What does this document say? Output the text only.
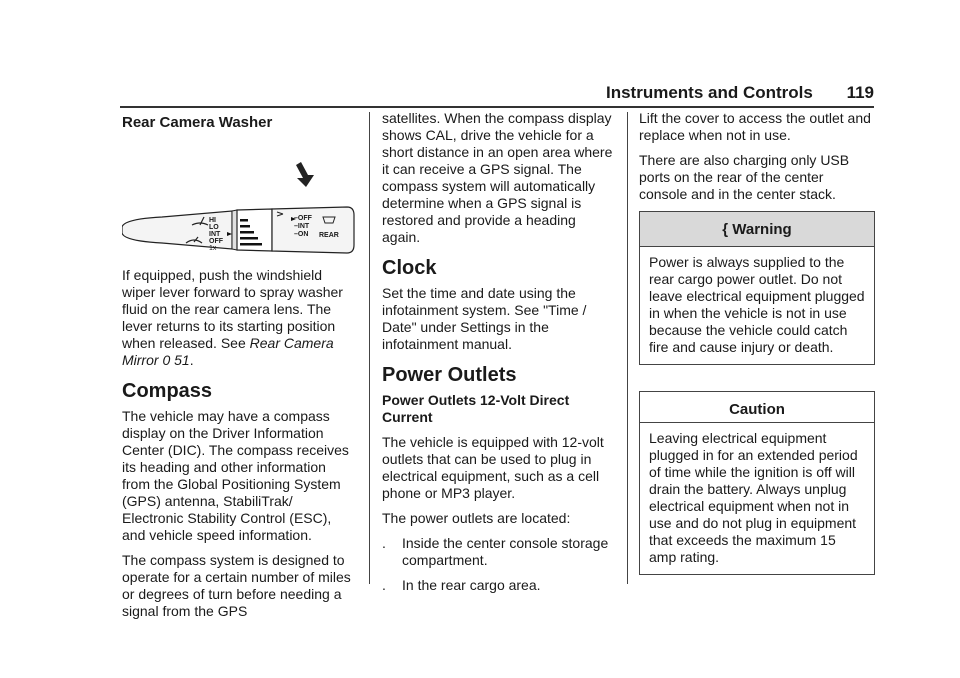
Instruments and Controls 119
Rear Camera Washer
HI
LO
INT
OFF
1x
–OFF
–INT
–ON	REAR

If equipped, push the windshield wiper lever forward to spray washer fluid on the rear camera lens. The lever returns to its starting position when released. See Rear Camera Mirror 0 51.

Compass

The vehicle may have a compass display on the Driver Information Center (DIC). The compass receives its heading and other information from the Global Positioning System (GPS) antenna, StabiliTrak/ Electronic Stability Control (ESC), and vehicle speed information.

The compass system is designed to operate for a certain number of miles or degrees of turn before needing a signal from the GPS

satellites. When the compass display shows CAL, drive the vehicle for a short distance in an open area where it can receive a GPS signal. The compass system will automatically determine when a GPS signal is restored and provide a heading again.

Clock

Set the time and date using the infotainment system. See "Time / Date" under Settings in the infotainment manual.

Power Outlets
Power Outlets 12-Volt Direct Current

The vehicle is equipped with 12-volt outlets that can be used to plug in electrical equipment, such as a cell phone or MP3 player.

The power outlets are located:

.	Inside the center console storage compartment.
.	In the rear cargo area.

Lift the cover to access the outlet and replace when not in use.

There are also charging only USB ports on the rear of the center console and in the center stack.

{ Warning
Power is always supplied to the rear cargo power outlet. Do not leave electrical equipment plugged in when the vehicle is not in use because the vehicle could catch fire and cause injury or death.
Caution
Leaving electrical equipment plugged in for an extended period of time while the ignition is off will drain the battery. Always unplug electrical equipment when not in use and do not plug in equipment that exceeds the maximum 15 amp rating.
